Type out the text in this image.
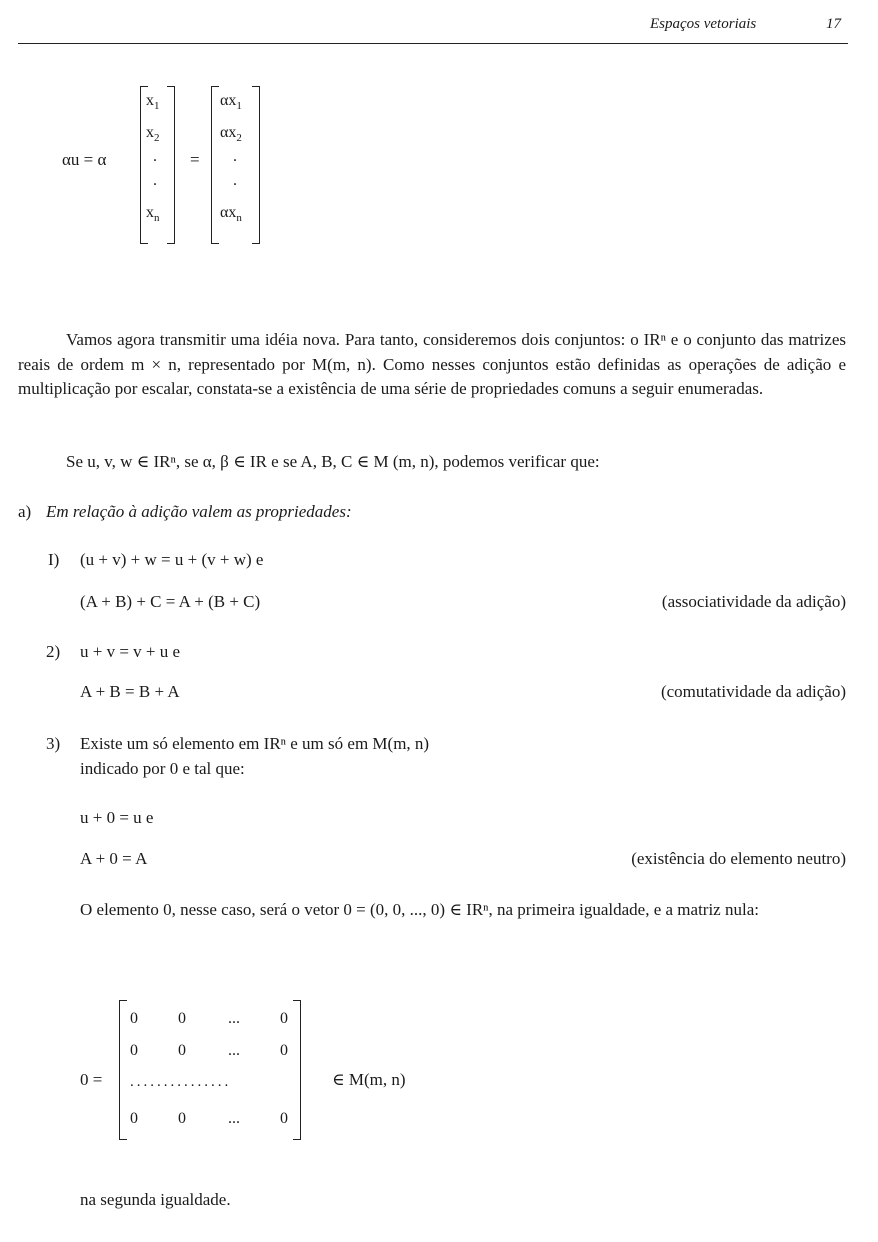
Espaços vetoriais	17
αu = α
$x_1$
$x_2$
.
.
$x_n$
=
$\alpha x_1$
$\alpha x_2$
.
.
$\alpha x_n$

Vamos agora transmitir uma idéia nova. Para tanto, consideremos dois conjuntos: o IRⁿ e o conjunto das matrizes reais de ordem m × n, representado por M(m, n). Como nesses conjuntos estão definidas as operações de adição e multiplicação por escalar, constata-se a existência de uma série de propriedades comuns a seguir enumeradas.

Se u, v, w ∈ IRⁿ, se α, β ∈ IR e se A, B, C ∈ M (m, n), podemos verificar que:

a) Em relação à adição valem as propriedades:
I) (u + v) + w = u + (v + w) e
(A + B) + C = A + (B + C)	(associatividade da adição)
2) u + v = v + u e
A + B = B + A	(comutatividade da adição)
3) Existe um só elemento em IRⁿ e um só em M(m, n)
indicado por 0 e tal que:
u + 0 = u e
A + 0 = A	(existência do elemento neutro)

O elemento 0, nesse caso, será o vetor 0 = (0, 0, ..., 0) ∈ IRⁿ, na primeira igualdade, e a matriz nula:

0 =
0	0	...	0
0	0	...	0
...............
0	0	...	0
∈ M(m, n)
na segunda igualdade.
